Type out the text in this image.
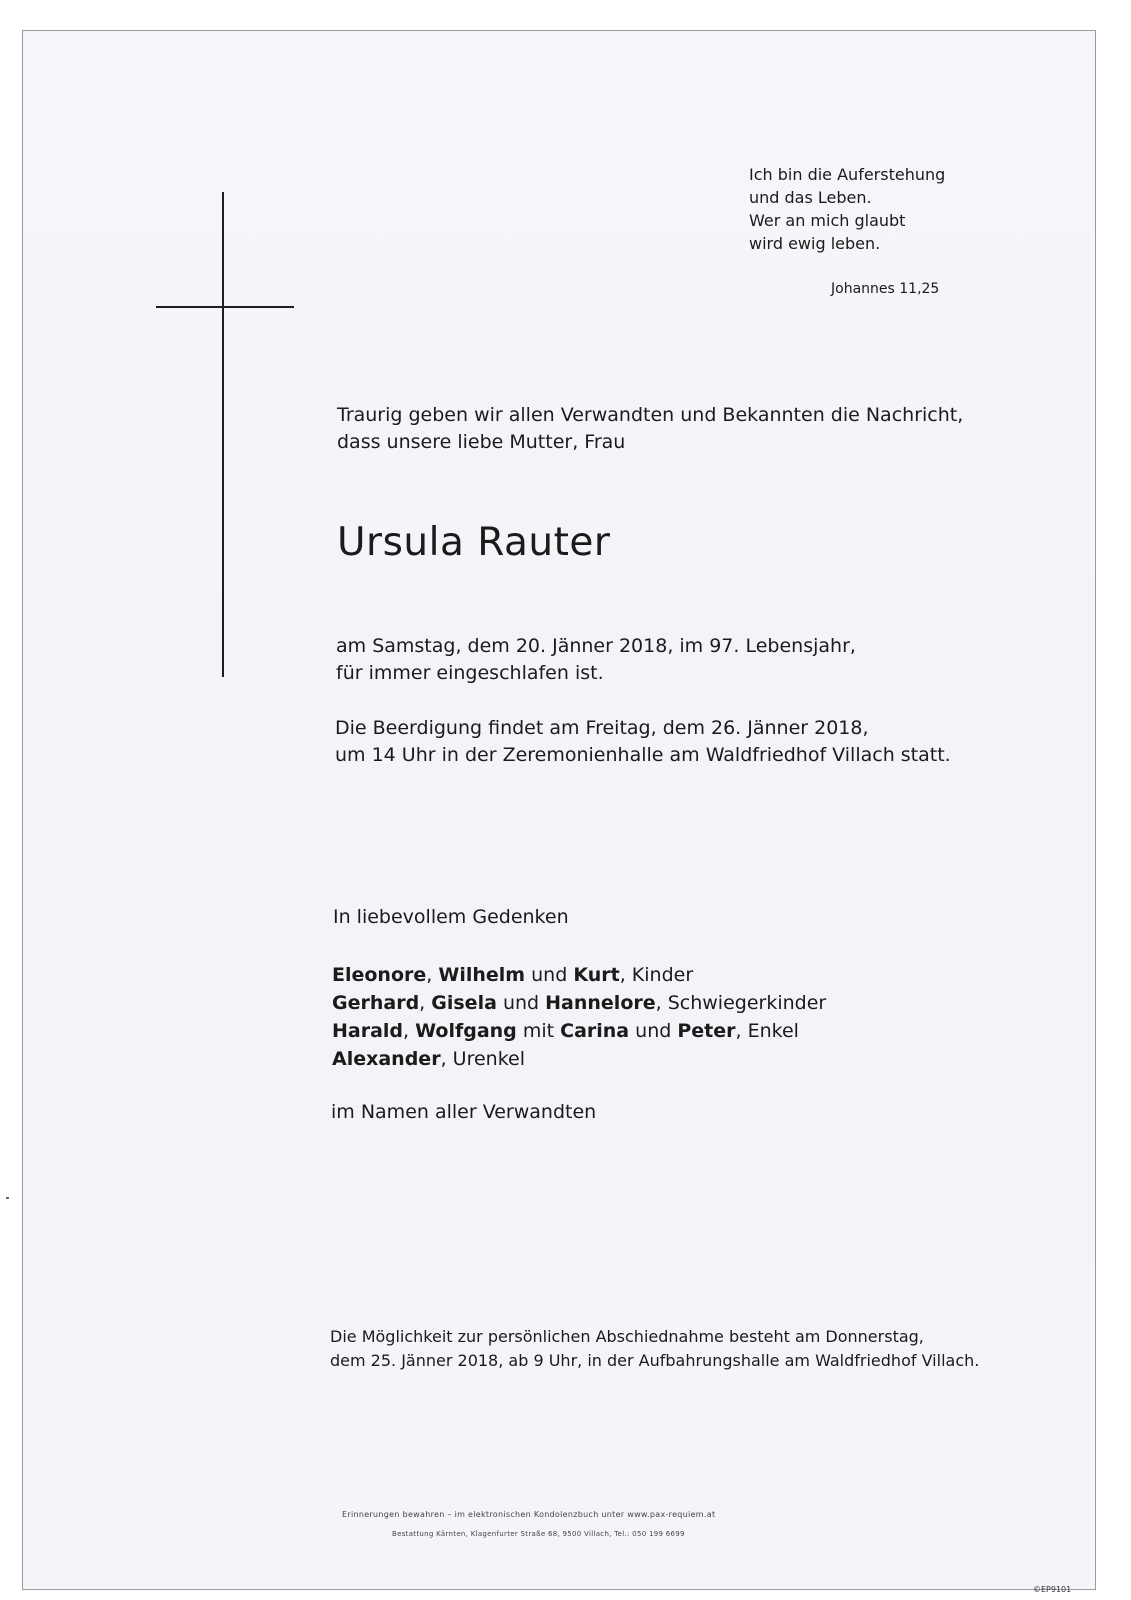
Ich bin die Auferstehung
und das Leben.
Wer an mich glaubt
wird ewig leben.
Johannes 11,25
Traurig geben wir allen Verwandten und Bekannten die Nachricht,
dass unsere liebe Mutter, Frau
Ursula Rauter
am Samstag, dem 20. Jänner 2018, im 97. Lebensjahr,
für immer eingeschlafen ist.
Die Beerdigung findet am Freitag, dem 26. Jänner 2018,
um 14 Uhr in der Zeremonienhalle am Waldfriedhof Villach statt.
In liebevollem Gedenken
Eleonore, Wilhelm und Kurt, Kinder
Gerhard, Gisela und Hannelore, Schwiegerkinder
Harald, Wolfgang mit Carina und Peter, Enkel
Alexander, Urenkel
im Namen aller Verwandten
Die Möglichkeit zur persönlichen Abschiednahme besteht am Donnerstag,
dem 25. Jänner 2018, ab 9 Uhr, in der Aufbahrungshalle am Waldfriedhof Villach.
Erinnerungen bewahren – im elektronischen Kondolenzbuch unter www.pax-requiem.at
Bestattung Kärnten, Klagenfurter Straße 68, 9500 Villach, Tel.: 050 199 6699
©EP9101
